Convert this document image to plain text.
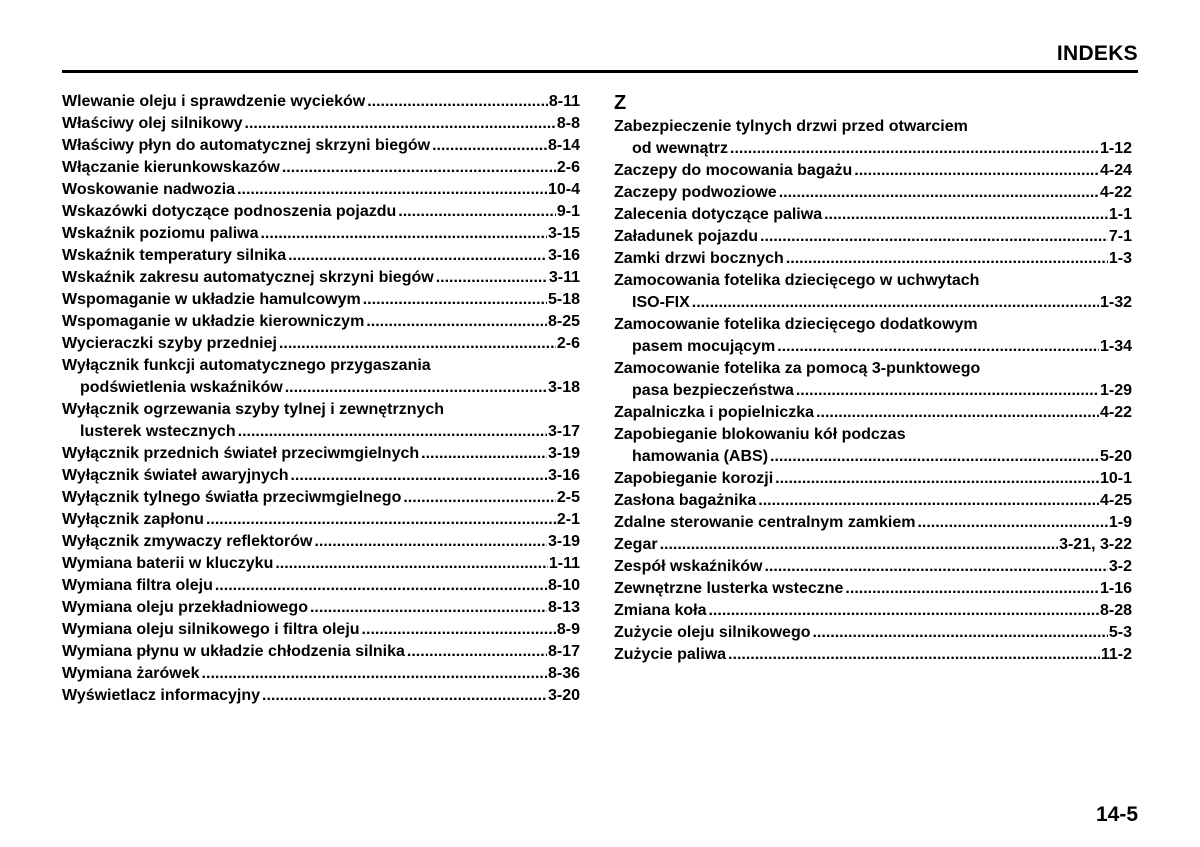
INDEKS
Wlewanie oleju i sprawdzenie wycieków .....	8-11
Właściwy olej silnikowy .....	8-8
Właściwy płyn do automatycznej skrzyni biegów .....	8-14
Włączanie kierunkowskazów .....	2-6
Woskowanie nadwozia .....	10-4
Wskazówki dotyczące podnoszenia pojazdu .....	9-1
Wskaźnik poziomu paliwa .....	3-15
Wskaźnik temperatury silnika .....	3-16
Wskaźnik zakresu automatycznej skrzyni biegów .....	3-11
Wspomaganie w układzie hamulcowym .....	5-18
Wspomaganie w układzie kierowniczym .....	8-25
Wycieraczki szyby przedniej .....	2-6
Wyłącznik funkcji automatycznego przygaszania
podświetlenia wskaźników .....	3-18
Wyłącznik ogrzewania szyby tylnej i zewnętrznych
lusterek wstecznych .....	3-17
Wyłącznik przednich świateł przeciwmgielnych .....	3-19
Wyłącznik świateł awaryjnych .....	3-16
Wyłącznik tylnego światła przeciwmgielnego .....	2-5
Wyłącznik zapłonu .....	2-1
Wyłącznik zmywaczy reflektorów .....	3-19
Wymiana baterii w kluczyku .....	1-11
Wymiana filtra oleju .....	8-10
Wymiana oleju przekładniowego .....	8-13
Wymiana oleju silnikowego i filtra oleju .....	8-9
Wymiana płynu w układzie chłodzenia silnika .....	8-17
Wymiana żarówek .....	8-36
Wyświetlacz informacyjny .....	3-20
Z
Zabezpieczenie tylnych drzwi przed otwarciem
od wewnątrz .....	1-12
Zaczepy do mocowania bagażu .....	4-24
Zaczepy podwoziowe .....	4-22
Zalecenia dotyczące paliwa .....	1-1
Załadunek pojazdu .....	7-1
Zamki drzwi bocznych .....	1-3
Zamocowania fotelika dziecięcego w uchwytach
ISO-FIX .....	1-32
Zamocowanie fotelika dziecięcego dodatkowym
pasem mocującym .....	1-34
Zamocowanie fotelika za pomocą 3-punktowego
pasa bezpieczeństwa .....	1-29
Zapalniczka i popielniczka .....	4-22
Zapobieganie blokowaniu kół podczas
hamowania (ABS) .....	5-20
Zapobieganie korozji .....	10-1
Zasłona bagażnika .....	4-25
Zdalne sterowanie centralnym zamkiem .....	1-9
Zegar .....	3-21, 3-22
Zespół wskaźników .....	3-2
Zewnętrzne lusterka wsteczne .....	1-16
Zmiana koła .....	8-28
Zużycie oleju silnikowego .....	5-3
Zużycie paliwa .....	11-2
14-5
